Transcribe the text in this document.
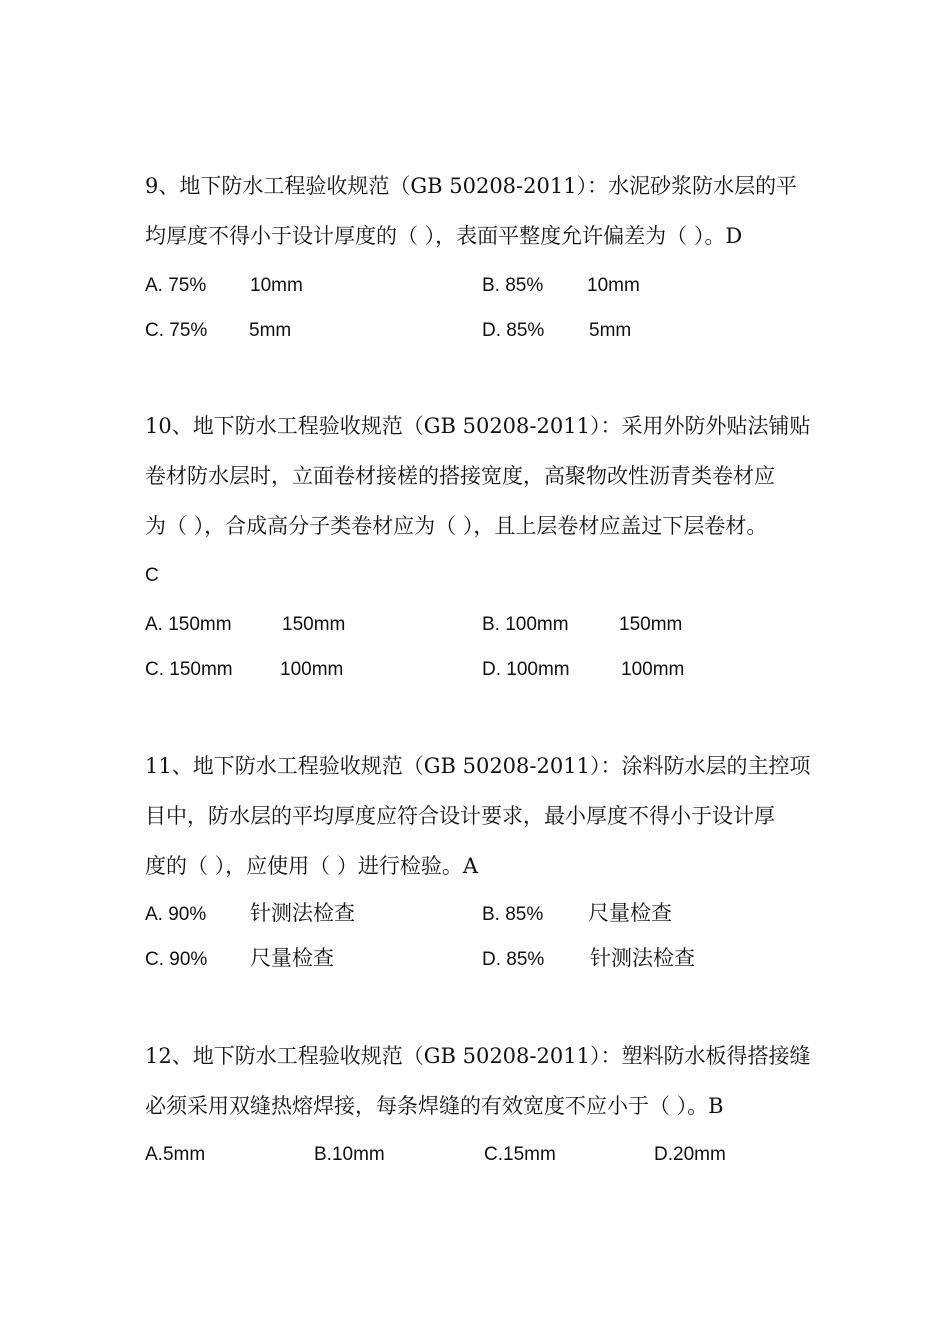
9、地下防水工程验收规范（GB 50208-2011）：水泥砂浆防水层的平
均厚度不得小于设计厚度的（ ），表面平整度允许偏差为（ ）。D
A. 75% 10mm	B. 85% 10mm
C. 75% 5mm	D. 85% 5mm
10、地下防水工程验收规范（GB 50208-2011）：采用外防外贴法铺贴
卷材防水层时，立面卷材接槎的搭接宽度，高聚物改性沥青类卷材应
为（ ），合成高分子类卷材应为（ ），且上层卷材应盖过下层卷材。
C
A. 150mm	150mm	B. 100mm	150mm
C. 150mm 100mm	D. 100mm	100mm
11、地下防水工程验收规范（GB 50208-2011）：涂料防水层的主控项
目中，防水层的平均厚度应符合设计要求，最小厚度不得小于设计厚
度的（ ），应使用（ ）进行检验。A
A. 90% 针测法检查	B. 85% 尺量检查
C. 90% 尺量检查	D. 85% 针测法检查
12、地下防水工程验收规范（GB 50208-2011）：塑料防水板得搭接缝
必须采用双缝热熔焊接，每条焊缝的有效宽度不应小于（ ）。B
A.5mm	B.10mm	C.15mm	D.20mm
